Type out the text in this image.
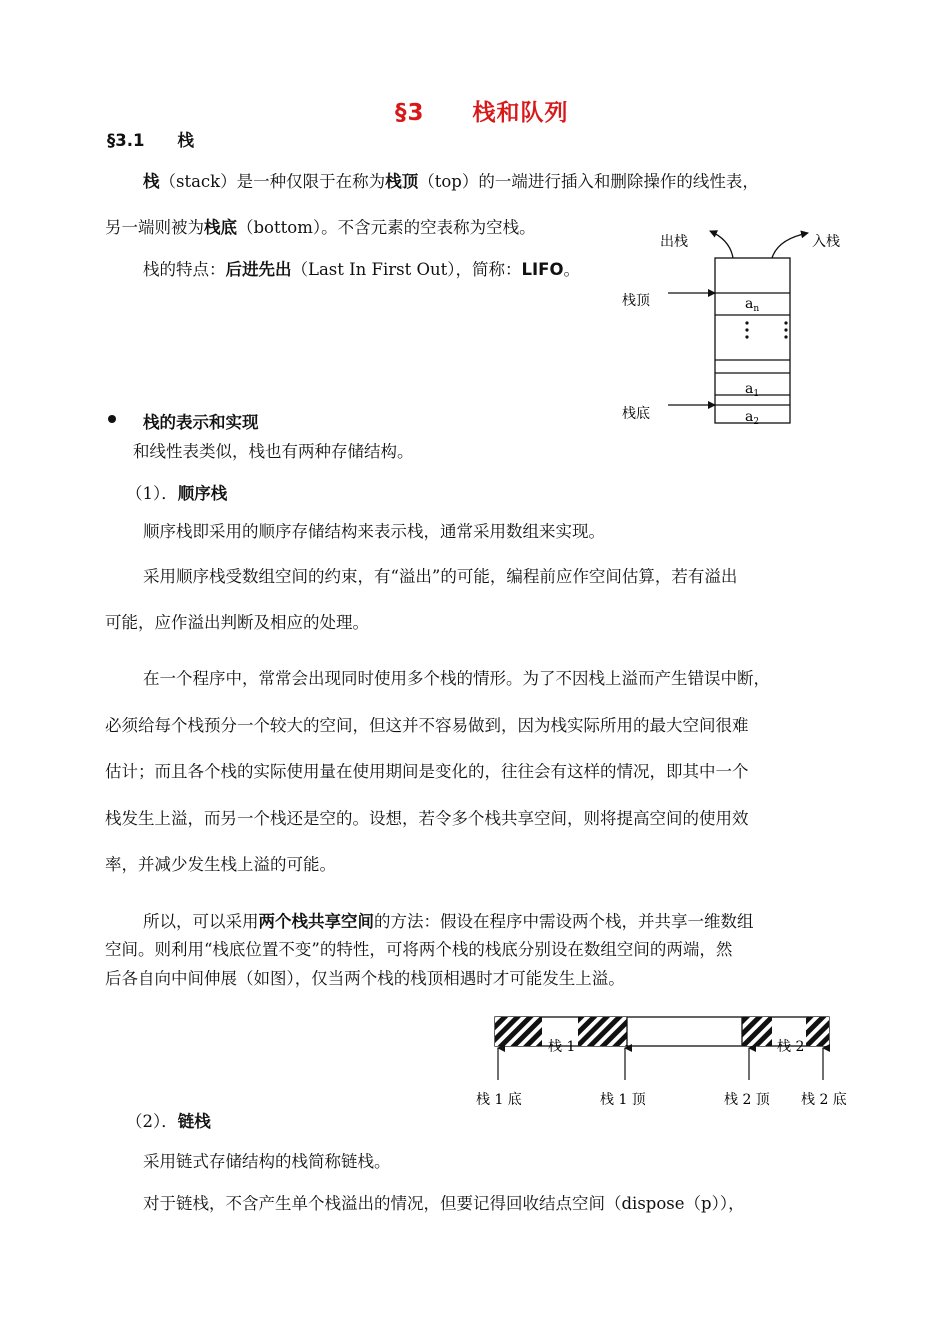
§3　　栈和队列
§3.1　　栈
栈（stack）是一种仅限于在称为栈顶（top）的一端进行插入和删除操作的线性表，
另一端则被为栈底（bottom）。不含元素的空表称为空栈。
栈的特点：后进先出（Last In First Out），简称：LIFO。
出栈	入栈
栈顶
栈底
$a_n$
$a_1$
$a_2$
栈的表示和实现
和线性表类似，栈也有两种存储结构。
（1）．顺序栈
顺序栈即采用的顺序存储结构来表示栈，通常采用数组来实现。
采用顺序栈受数组空间的约束，有“溢出”的可能，编程前应作空间估算，若有溢出
可能，应作溢出判断及相应的处理。
在一个程序中，常常会出现同时使用多个栈的情形。为了不因栈上溢而产生错误中断，
必须给每个栈预分一个较大的空间，但这并不容易做到，因为栈实际所用的最大空间很难
估计；而且各个栈的实际使用量在使用期间是变化的，往往会有这样的情况，即其中一个
栈发生上溢，而另一个栈还是空的。设想，若令多个栈共享空间，则将提高空间的使用效
率，并减少发生栈上溢的可能。
所以，可以采用两个栈共享空间的方法：假设在程序中需设两个栈，并共享一维数组
空间。则利用“栈底位置不变”的特性，可将两个栈的栈底分别设在数组空间的两端，然
后各自向中间伸展（如图），仅当两个栈的栈顶相遇时才可能发生上溢。
栈 1	栈 2
栈 1 底	栈 1 顶	栈 2 顶 栈 2 底
（2）．链栈
采用链式存储结构的栈简称链栈。
对于链栈，不含产生单个栈溢出的情况，但要记得回收结点空间（dispose（p）），
